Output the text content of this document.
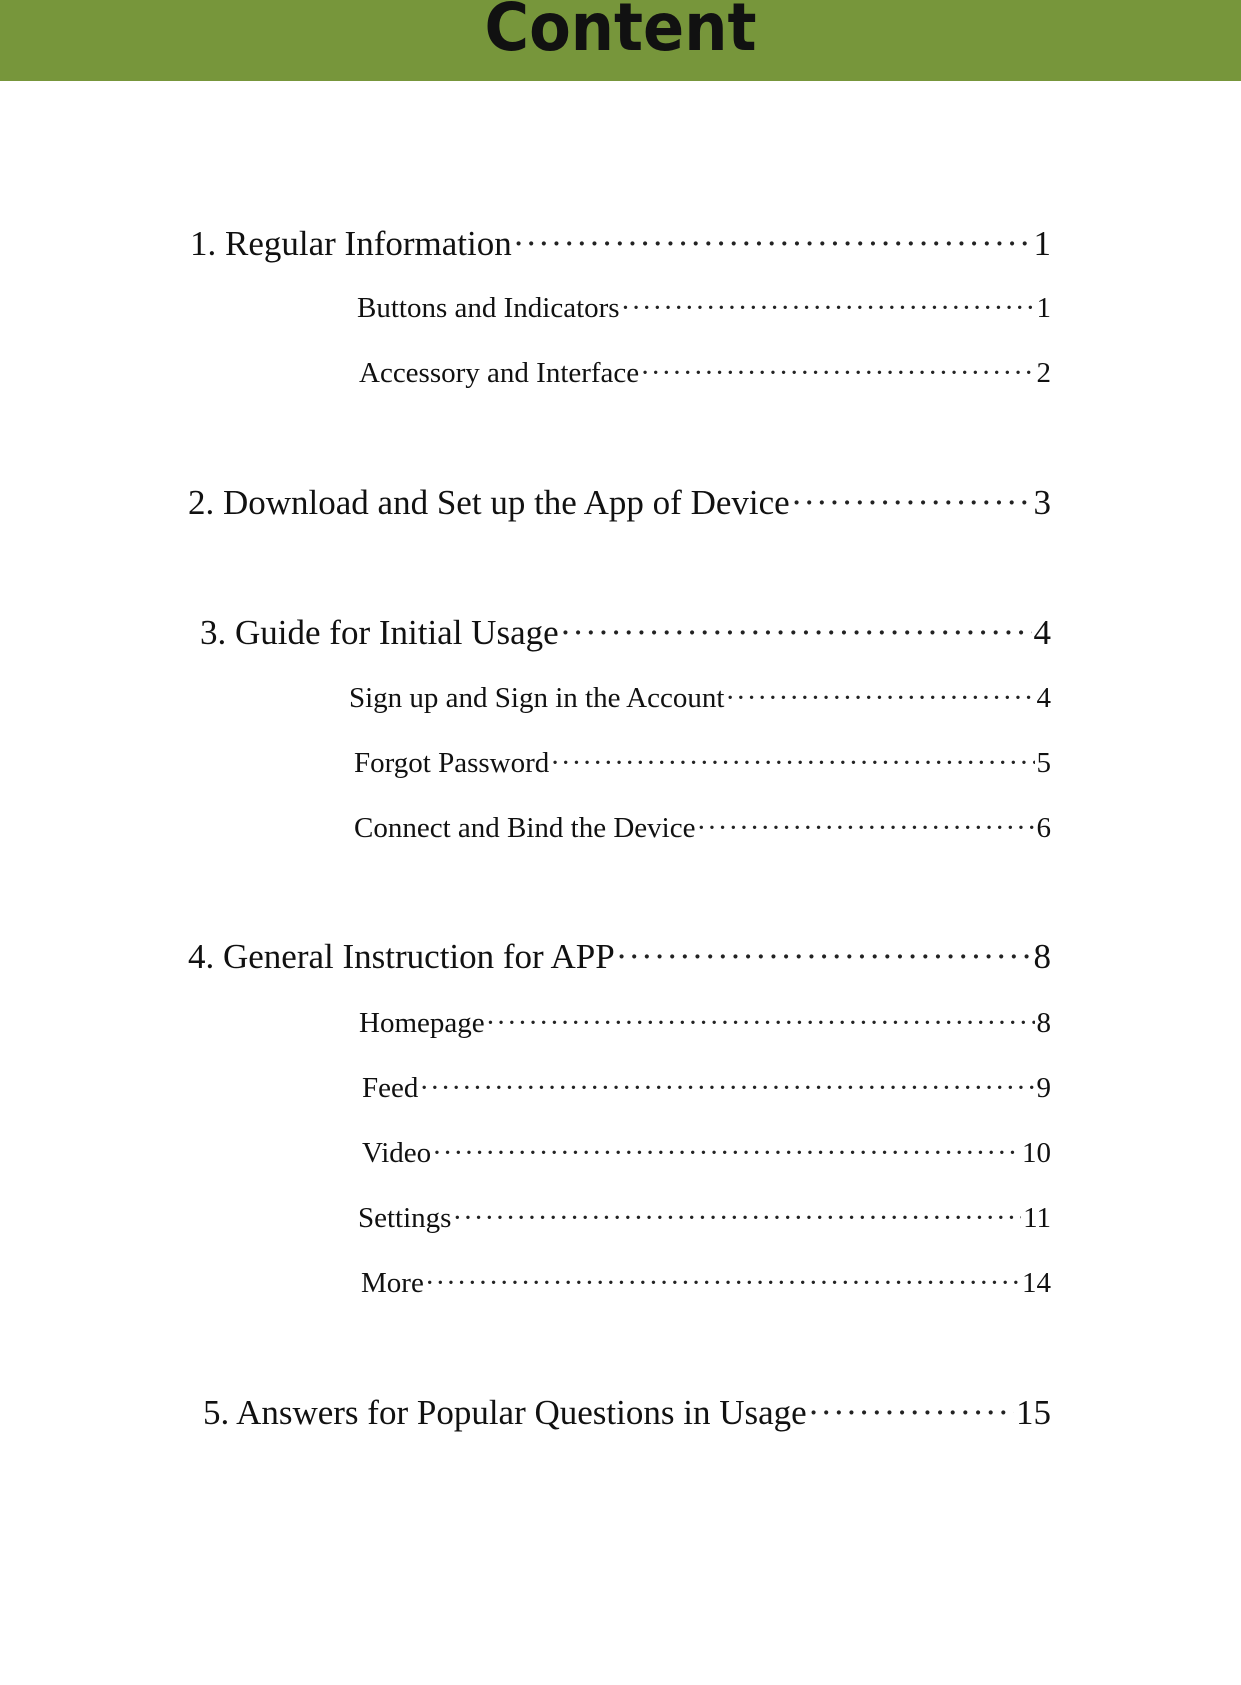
Content
1. Regular Information ·····	1
Buttons and Indicators ·····	1
Accessory and Interface ·····	2
2. Download and Set up the App of Device ·····	3
3. Guide for Initial Usage ·····	4
Sign up and Sign in the Account ·····	4
Forgot Password ·····	5
Connect and Bind the Device ·····	6
4. General Instruction for APP ·····	8
Homepage ·····	8
Feed ·····	9
Video ·····	10
Settings ·····	11
More ·····	14
5. Answers for Popular Questions in Usage ·····	15
